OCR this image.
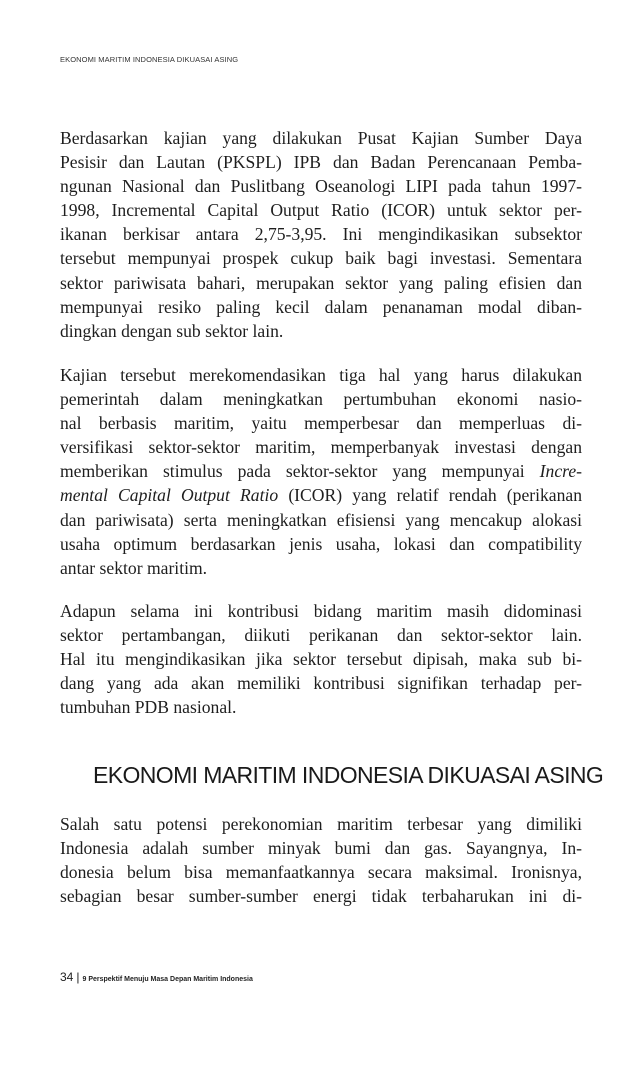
EKONOMI MARITIM INDONESIA DIKUASAI ASING
Berdasarkan kajian yang dilakukan Pusat Kajian Sumber Daya
Pesisir dan Lautan (PKSPL) IPB dan Badan Perencanaan Pemba-
ngunan Nasional dan Puslitbang Oseanologi LIPI pada tahun 1997-
1998, Incremental Capital Output Ratio (ICOR) untuk sektor per-
ikanan berkisar antara 2,75-3,95. Ini mengindikasikan subsektor
tersebut mempunyai prospek cukup baik bagi investasi. Sementara
sektor pariwisata bahari, merupakan sektor yang paling efisien dan
mempunyai resiko paling kecil dalam penanaman modal diban-
dingkan dengan sub sektor lain.
Kajian tersebut merekomendasikan tiga hal yang harus dilakukan
pemerintah dalam meningkatkan pertumbuhan ekonomi nasio-
nal berbasis maritim, yaitu memperbesar dan memperluas di-
versifikasi sektor-sektor maritim, memperbanyak investasi dengan
memberikan stimulus pada sektor-sektor yang mempunyai Incre-
mental Capital Output Ratio (ICOR) yang relatif rendah (perikanan
dan pariwisata) serta meningkatkan efisiensi yang mencakup alokasi
usaha optimum berdasarkan jenis usaha, lokasi dan compatibility
antar sektor maritim.
Adapun selama ini kontribusi bidang maritim masih didominasi
sektor pertambangan, diikuti perikanan dan sektor-sektor lain.
Hal itu mengindikasikan jika sektor tersebut dipisah, maka sub bi-
dang yang ada akan memiliki kontribusi signifikan terhadap per-
tumbuhan PDB nasional.
EKONOMI MARITIM INDONESIA DIKUASAI ASING
Salah satu potensi perekonomian maritim terbesar yang dimiliki
Indonesia adalah sumber minyak bumi dan gas. Sayangnya, In-
donesia belum bisa memanfaatkannya secara maksimal. Ironisnya,
sebagian besar sumber-sumber energi tidak terbaharukan ini di-
34 | 9 Perspektif Menuju Masa Depan Maritim Indonesia
